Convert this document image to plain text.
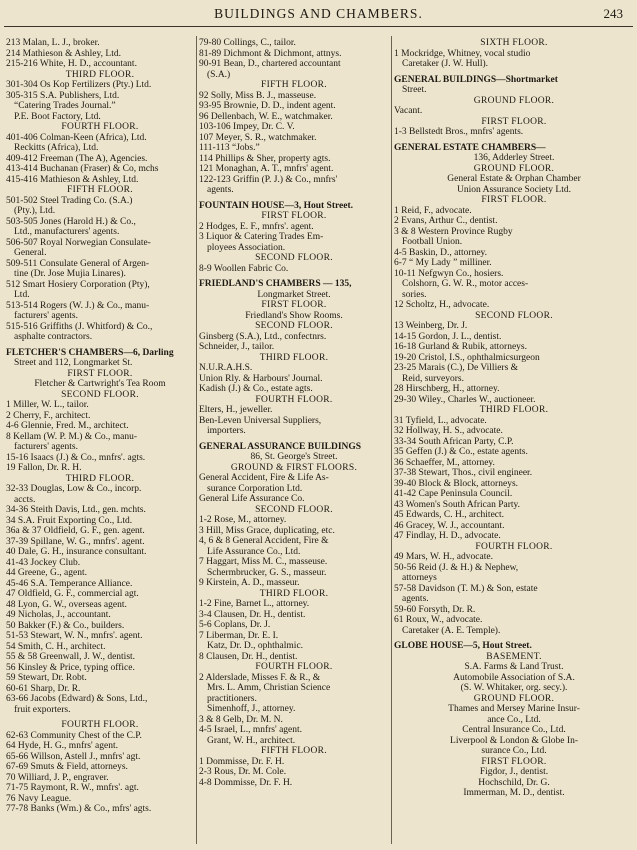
BUILDINGS AND CHAMBERS.	243
213 Malan, L. J., broker.
214 Mathieson & Ashley, Ltd.
215-216 White, H. D., accountant.
THIRD FLOOR.
301-304 Os Kop Fertilizers (Pty.) Ltd.
305-315 S.A. Publishers, Ltd.
“Catering Trades Journal.”
P.E. Boot Factory, Ltd.
FOURTH FLOOR.
401-406 Colman-Keen (Africa), Ltd.
Reckitts (Africa), Ltd.
409-412 Freeman (The A), Agencies.
413-414 Buchanan (Fraser) & Co, mchs
415-416 Mathieson & Ashley, Ltd.
FIFTH FLOOR.
501-502 Steel Trading Co. (S.A.)
(Pty.), Ltd.
503-505 Jones (Harold H.) & Co.,
Ltd., manufacturers' agents.
506-507 Royal Norwegian Consulate-
General.
509-511 Consulate General of Argen-
tine (Dr. Jose Mujia Linares).
512 Smart Hosiery Corporation (Pty),
Ltd.
513-514 Rogers (W. J.) & Co., manu-
facturers' agents.
515-516 Griffiths (J. Whitford) & Co.,
asphalte contractors.
FLETCHER'S CHAMBERS—6, Darling
Street and 112, Longmarket St.
FIRST FLOOR.
Fletcher & Cartwright's Tea Room
SECOND FLOOR.
1 Miller, W. L., tailor.
2 Cherry, F., architect.
4-6 Glennie, Fred. M., architect.
8 Kellam (W. P. M.) & Co., manu-
facturers' agents.
15-16 Isaacs (J.) & Co., mnfrs'. agts.
19 Fallon, Dr. R. H.
THIRD FLOOR.
32-33 Douglas, Low & Co., incorp.
accts.
34-36 Steith Davis, Ltd., gen. mchts.
34 S.A. Fruit Exporting Co., Ltd.
36a & 37 Oldfield, G. F., gen. agent.
37-39 Spillane, W. G., mnfrs'. agent.
40 Dale, G. H., insurance consultant.
41-43 Jockey Club.
44 Greene, G., agent.
45-46 S.A. Temperance Alliance.
47 Oldfield, G. F., commercial agt.
48 Lyon, G. W., overseas agent.
49 Nicholas, J., accountant.
50 Bakker (F.) & Co., builders.
51-53 Stewart, W. N., mnfrs'. agent.
54 Smith, C. H., architect.
55 & 58 Greenwall, J. W., dentist.
56 Kinsley & Price, typing office.
59 Stewart, Dr. Robt.
60-61 Sharp, Dr. R.
63-66 Jacobs (Edward) & Sons, Ltd.,
fruit exporters.
FOURTH FLOOR.
62-63 Community Chest of the C.P.
64 Hyde, H. G., mnfrs' agent.
65-66 Willson, Astell J., mnfrs' agt.
67-69 Smuts & Field, attorneys.
70 Williard, J. P., engraver.
71-75 Raymont, R. W., mnfrs'. agt.
76 Navy League.
77-78 Banks (Wm.) & Co., mfrs' agts.
79-80 Collings, C., tailor.
81-89 Dichmont & Dichmont, attnys.
90-91 Bean, D., chartered accountant
(S.A.)
FIFTH FLOOR.
92 Solly, Miss B. J., masseuse.
93-95 Brownie, D. D., indent agent.
96 Dellenbach, W. E., watchmaker.
103-106 Impey, Dr. C. V.
107 Meyer, S. R., watchmaker.
111-113 “Jobs.”
114 Phillips & Sher, property agts.
121 Monaghan, A. T., mnfrs' agent.
122-123 Griffin (P. J.) & Co., mnfrs'
agents.
FOUNTAIN HOUSE—3, Hout Street.
FIRST FLOOR.
2 Hodges, E. F., mnfrs'. agent.
3 Liquor & Catering Trades Em-
ployees Association.
SECOND FLOOR.
8-9 Woollen Fabric Co.
FRIEDLAND'S CHAMBERS — 135,
Longmarket Street.
FIRST FLOOR.
Friedland's Show Rooms.
SECOND FLOOR.
Ginsberg (S.A.), Ltd., confectnrs.
Schneider, J., tailor.
THIRD FLOOR.
N.U.R.A.H.S.
Union Rly. & Harbours' Journal.
Kadish (J.) & Co., estate agts.
FOURTH FLOOR.
Elters, H., jeweller.
Ben-Leven Universal Suppliers,
importers.
GENERAL ASSURANCE BUILDINGS
86, St. George's Street.
GROUND & FIRST FLOORS.
General Accident, Fire & Life As-
surance Corporation Ltd.
General Life Assurance Co.
SECOND FLOOR.
1-2 Rose, M., attorney.
3 Hill, Miss Grace, duplicating, etc.
4, 6 & 8 General Accident, Fire &
Life Assurance Co., Ltd.
7 Haggart, Miss M. C., masseuse.
Schermbrucker, G. S., masseur.
9 Kirstein, A. D., masseur.
THIRD FLOOR.
1-2 Fine, Barnet L., attorney.
3-4 Clausen, Dr. H., dentist.
5-6 Coplans, Dr. J.
7 Liberman, Dr. E. I.
Katz, Dr. D., ophthalmic.
8 Clausen, Dr. H., dentist.
FOURTH FLOOR.
2 Alderslade, Misses F. & R., &
Mrs. L. Amm, Christian Science
practitioners.
Simenhoff, J., attorney.
3 & 8 Gelb, Dr. M. N.
4-5 Israel, L., mnfrs' agent.
Grant, W. H., architect.
FIFTH FLOOR.
1 Dommisse, Dr. F. H.
2-3 Rous, Dr. M. Cole.
4-8 Dommisse, Dr. F. H.
SIXTH FLOOR.
1 Mockridge, Whitney, vocal studio
Caretaker (J. W. Hull).
GENERAL BUILDINGS—Shortmarket
Street.
GROUND FLOOR.
Vacant.
FIRST FLOOR.
1-3 Bellstedt Bros., mnfrs' agents.
GENERAL ESTATE CHAMBERS—
136, Adderley Street.
GROUND FLOOR.
General Estate & Orphan Chamber
Union Assurance Society Ltd.
FIRST FLOOR.
1 Reid, F., advocate.
2 Evans, Arthur C., dentist.
3 & 8 Western Province Rugby
Football Union.
4-5 Baskin, D., attorney.
6-7 “ My Lady ” milliner.
10-11 Nefgwyn Co., hosiers.
Colshorn, G. W. R., motor acces-
sories.
12 Scholtz, H., advocate.
SECOND FLOOR.
13 Weinberg, Dr. J.
14-15 Gordon, J. L., dentist.
16-18 Gurland & Rubik, attorneys.
19-20 Cristol, I.S., ophthalmicsurgeon
23-25 Marais (C.), De Villiers &
Reid, surveyors.
28 Hirschberg, H., attorney.
29-30 Wiley., Charles W., auctioneer.
THIRD FLOOR.
31 Tyfield, L., advocate.
32 Hollway, H. S., advocate.
33-34 South African Party, C.P.
35 Geffen (J.) & Co., estate agents.
36 Schaeffer, M., attorney.
37-38 Stewart, Thos., civil engineer.
39-40 Block & Block, attorneys.
41-42 Cape Peninsula Council.
43 Women's South African Party.
45 Edwards, C. H., architect.
46 Gracey, W. J., accountant.
47 Findlay, H. D., advocate.
FOURTH FLOOR.
49 Mars, W. H., advocate.
50-56 Reid (J. & H.) & Nephew,
attorneys
57-58 Davidson (T. M.) & Son, estate
agents.
59-60 Forsyth, Dr. R.
61 Roux, W., advocate.
Caretaker (A. E. Temple).
GLOBE HOUSE—5, Hout Street.
BASEMENT.
S.A. Farms & Land Trust.
Automobile Association of S.A.
(S. W. Whitaker, org. secy.).
GROUND FLOOR.
Thames and Mersey Marine Insur-
ance Co., Ltd.
Central Insurance Co., Ltd.
Liverpool & London & Globe In-
surance Co., Ltd.
FIRST FLOOR.
Figdor, J., dentist.
Hochschild, Dr. G.
Immerman, M. D., dentist.
